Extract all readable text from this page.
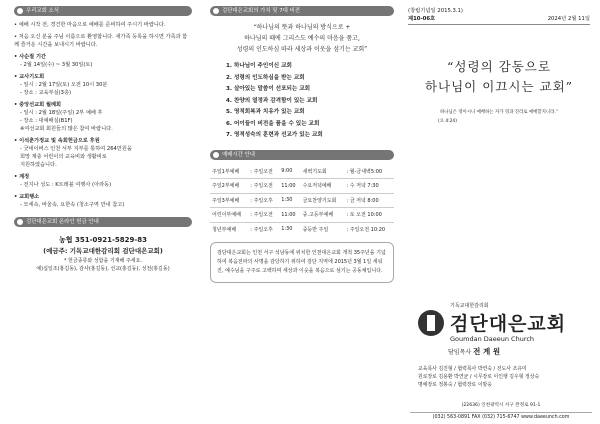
우리교회 소식
• 예배 시작 전, 경건한 마음으로 예배를 준비하여 주시기 바랍니다.
• 처음 오신 분을 주님 이름으로 환영합니다. 새가족 등록을 하시면 가족과 함께 즐거운 시간을 보내시기 바랍니다.
• 사순절 기간
- 2월 14일(수) ~ 3월 30일(토)
• 교사기도회
- 일시 : 2월 17일(토) 오전 10시 30분
- 장소 : 교육부실(3층)
• 중앙선교회 월례회
- 일시 : 2월 18일(주일) 2부 예배 후
- 장소 : 대예배실(B1F)
※여선교회 회원들의 많은 참여 바랍니다.
• 이석춘가정교 및 속회헌금으로 후원
- 굿네이버스 인천 서부 지부를 통하여 264만원을
희망 계층 어린이의 교육비와 생활비로
지원하였습니다.
• 계정
- 전지나 성도 : K트레블 여행사 (아라동)
• 교회행소
- 모세속, 바울속, 요한속 (청소구역 만내 참고)
검단대은교회 온라인 헌금 안내
농협 351-0921-5829-83
(예금주: 기독교대한감리회 검단대은교회)
* 헌금종류와 성함을 기재해 주세요.
예)십일조(홍길동), 감사(홍길동), 선교(홍길동), 성전(홍길동)
검단대은교회의 가치 및 7대 비전
“하나님의 뜻과 하나님의 방식으로 +
하나님의 때에 그리스도 예수의 마음을 품고,
성령의 인도하심 따라 세상과 이웃을 섬기는 교회”
1. 하나님이 주인이신 교회
2. 성령의 인도하심을 받는 교회
3. 살아있는 말씀이 선포되는 교회
4. 찬양의 열정과 감격함이 있는 교회
5. 영적회복과 치유가 있는 교회
6. 어이들이 비전을 품을 수 있는 교회
7. 영적성숙의 훈련과 선교가 있는 교회
예배시간 안내
주일1부예배	: 주일오전	9:00	새벽기도회	: 월-금새벽5:00
주일2부예배	: 주일오전	11:00	수요저녁예배	: 수 저녁 7:30
주일3부예배	: 주일오후	1:30	금요찬양기도회	: 금 저녁 8:00
어린이부예배	: 주일오전	11:00	중.고등부예배	: 토 오전 10:00
청년부예배	: 주일오후	1:30	중등반 주일	: 주일오전 10:20
검단대은교회는 인천 서구 석남동에 위치한 인천대은교회 개척 35주년을 기념하여 복음전파의 사명을 감당하기 위하여 검단 지역에 2015년 3월 1일 세워진, 예수님을 구주로 고백하며 세상과 이웃을 복음으로 섬기는 공동체입니다.
(창립기념일 2015.3.1)
제10-06호	2024년 2월 11일
“성령의 감동으로
하나님이 이끄시는 교회”
하나님은 영이시니 예배하는 자가 영과 진리로 예배할지니라.”
(요 4:24)
기독교대한감리회
검단대은교회
Goumdan Daeeun Church
담임목사 전 계 원
교육목사 김진형 / 협력목사 박연숙 / 전도사 조유미
원로장로 김용환 박연균 / 시무장로 이인행 김우형 정상숙
명예장로 정봉숙 / 협력장로 이방웅
(22636) 인천광역시 서구 완정로 91-1
(032) 563-0891 FAX (032) 715-6747 www.daeeunch.com
